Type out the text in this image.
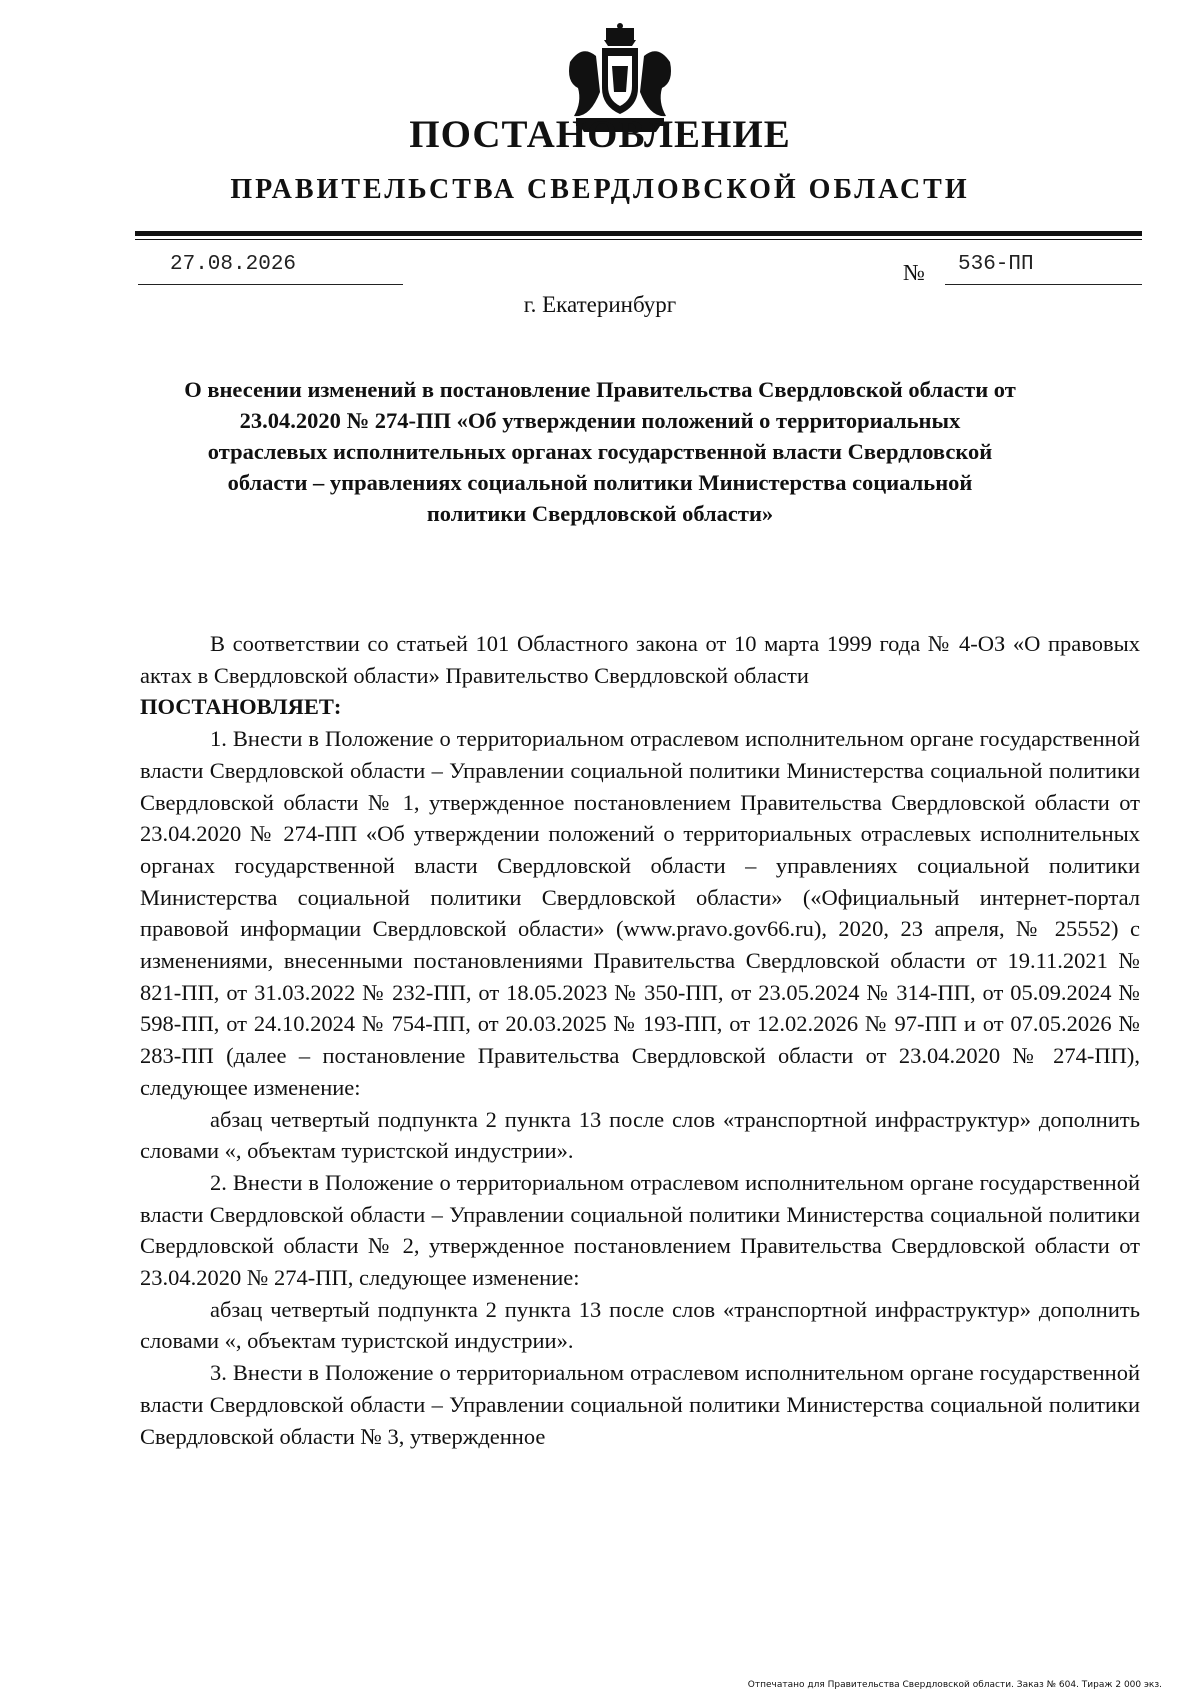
ПОСТАНОВЛЕНИЕ
ПРАВИТЕЛЬСТВА СВЕРДЛОВСКОЙ ОБЛАСТИ
27.08.2026	№ 536-ПП
г. Екатеринбург
О внесении изменений в постановление Правительства Свердловской области от 23.04.2020 № 274-ПП «Об утверждении положений о территориальных отраслевых исполнительных органах государственной власти Свердловской области – управлениях социальной политики Министерства социальной политики Свердловской области»

В соответствии со статьей 101 Областного закона от 10 марта 1999 года № 4-ОЗ «О правовых актах в Свердловской области» Правительство Свердловской области

ПОСТАНОВЛЯЕТ:

1. Внести в Положение о территориальном отраслевом исполнительном органе государственной власти Свердловской области – Управлении социальной политики Министерства социальной политики Свердловской области № 1, утвержденное постановлением Правительства Свердловской области от 23.04.2020 № 274-ПП «Об утверждении положений о территориальных отраслевых исполнительных органах государственной власти Свердловской области – управлениях социальной политики Министерства социальной политики Свердловской области» («Официальный интернет-портал правовой информации Свердловской области» (www.pravo.gov66.ru), 2020, 23 апреля, № 25552) с изменениями, внесенными постановлениями Правительства Свердловской области от 19.11.2021 № 821-ПП, от 31.03.2022 № 232-ПП, от 18.05.2023 № 350-ПП, от 23.05.2024 № 314-ПП, от 05.09.2024 № 598-ПП, от 24.10.2024 № 754-ПП, от 20.03.2025 № 193-ПП, от 12.02.2026 № 97-ПП и от 07.05.2026 № 283-ПП (далее – постановление Правительства Свердловской области от 23.04.2020 № 274-ПП), следующее изменение:

абзац четвертый подпункта 2 пункта 13 после слов «транспортной инфраструктур» дополнить словами «, объектам туристской индустрии».

2. Внести в Положение о территориальном отраслевом исполнительном органе государственной власти Свердловской области – Управлении социальной политики Министерства социальной политики Свердловской области № 2, утвержденное постановлением Правительства Свердловской области от 23.04.2020 № 274-ПП, следующее изменение:

абзац четвертый подпункта 2 пункта 13 после слов «транспортной инфраструктур» дополнить словами «, объектам туристской индустрии».

3. Внести в Положение о территориальном отраслевом исполнительном органе государственной власти Свердловской области – Управлении социальной политики Министерства социальной политики Свердловской области № 3, утвержденное

Отпечатано для Правительства Свердловской области. Заказ № 604. Тираж 2 000 экз.
